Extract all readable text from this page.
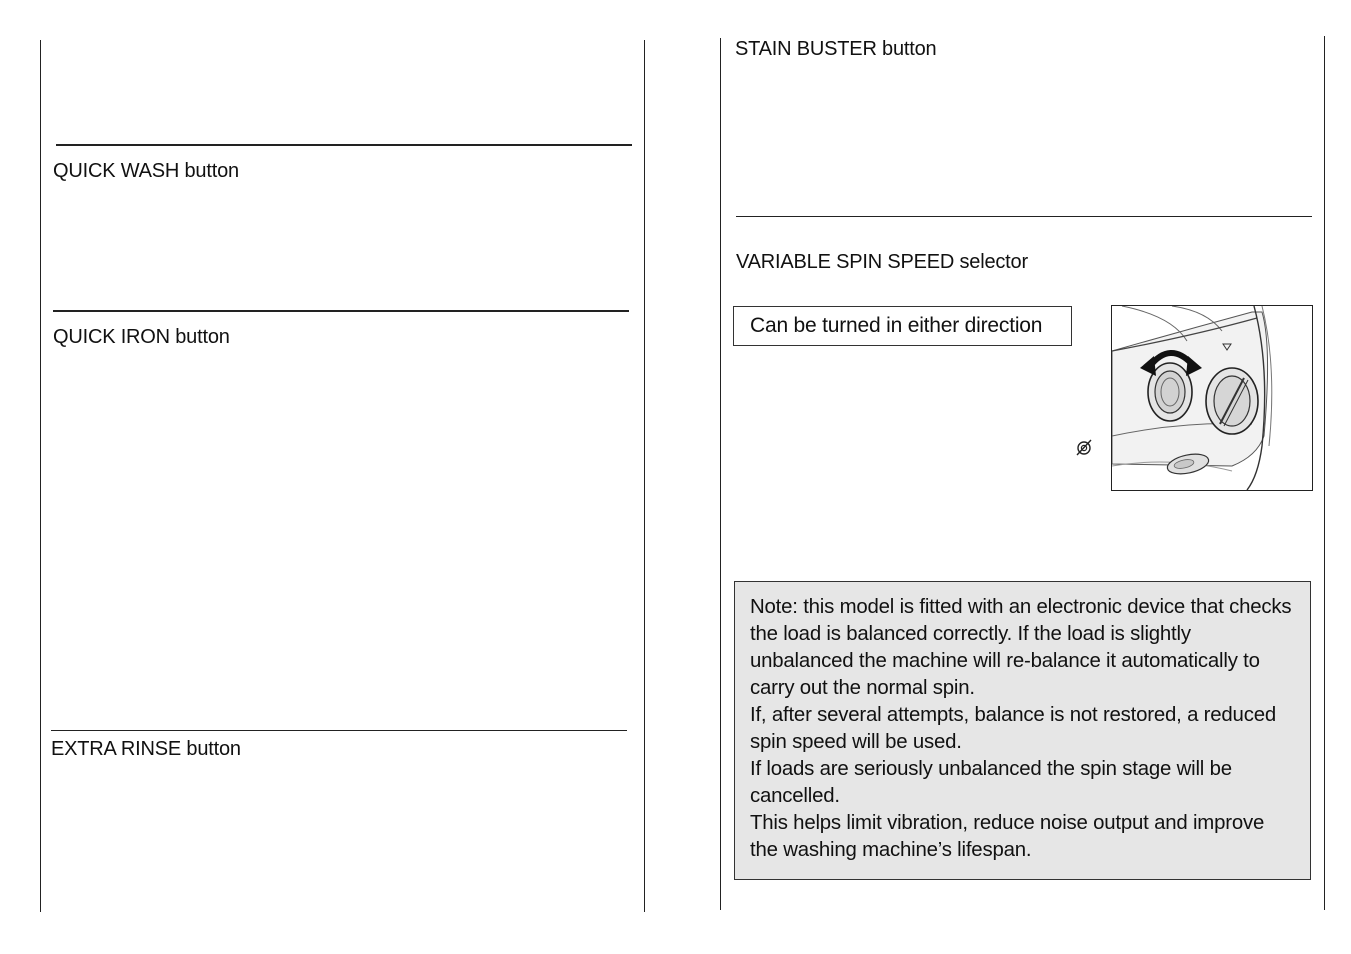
QUICK WASH button
QUICK IRON button
EXTRA RINSE button
STAIN BUSTER button
VARIABLE SPIN SPEED selector
Can be turned in either direction

Note: this model is fitted with an electronic device that checks the load is balanced correctly. If the load is slightly unbalanced the machine will re-balance it automatically to carry out the normal spin.

If, after several attempts, balance is not restored, a reduced spin speed will be used.

If loads are seriously unbalanced the spin stage will be cancelled.

This helps limit vibration, reduce noise output and improve the washing machine’s lifespan.
